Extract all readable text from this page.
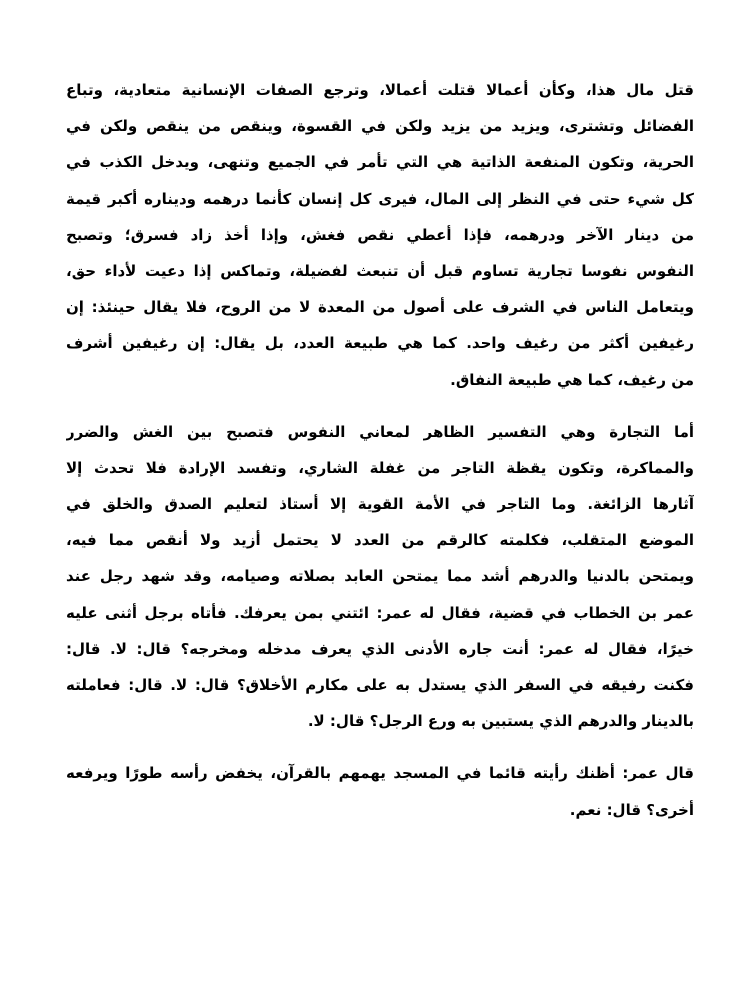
قتل مال هذا، وكأن أعمالا قتلت أعمالا، وترجع الصفات الإنسانية متعادية، وتباع
الفضائل وتشترى، ويزيد من يزيد ولكن في القسوة، وينقص من ينقص ولكن في
الحرية، وتكون المنفعة الذاتية هي التي تأمر في الجميع وتنهى، ويدخل الكذب في
كل شيء حتى في النظر إلى المال، فيرى كل إنسان كأنما درهمه وديناره أكبر قيمة
من دينار الآخر ودرهمه، فإذا أعطي نقص فغش، وإذا أخذ زاد فسرق؛ وتصبح
النفوس نفوسا تجارية تساوم قبل أن تنبعث لفضيلة، وتماكس إذا دعيت لأداء حق،
ويتعامل الناس في الشرف على أصول من المعدة لا من الروح، فلا يقال حينئذ: إن
رغيفين أكثر من رغيف واحد. كما هي طبيعة العدد، بل يقال: إن رغيفين أشرف
من رغيف، كما هي طبيعة النفاق.
أما التجارة وهي التفسير الظاهر لمعاني النفوس فتصبح بين الغش والضرر
والمماكرة، وتكون يقظة التاجر من غفلة الشاري، وتفسد الإرادة فلا تحدث إلا
آثارها الزائغة. وما التاجر في الأمة القوية إلا أستاذ لتعليم الصدق والخلق في
الموضع المتقلب، فكلمته كالرقم من العدد لا يحتمل أزيد ولا أنقص مما فيه،
ويمتحن بالدنيا والدرهم أشد مما يمتحن العابد بصلاته وصيامه، وقد شهد رجل عند
عمر بن الخطاب في قضية، فقال له عمر: ائتني بمن يعرفك. فأتاه برجل أثنى عليه
خيرًا، فقال له عمر: أنت جاره الأدنى الذي يعرف مدخله ومخرجه؟ قال: لا. قال:
فكنت رفيقه في السفر الذي يستدل به على مكارم الأخلاق؟ قال: لا. قال: فعاملته
بالدينار والدرهم الذي يستبين به ورع الرجل؟ قال: لا.
قال عمر: أظنك رأيته قائما في المسجد يهمهم بالقرآن، يخفض رأسه طورًا ويرفعه
أخرى؟ قال: نعم.
